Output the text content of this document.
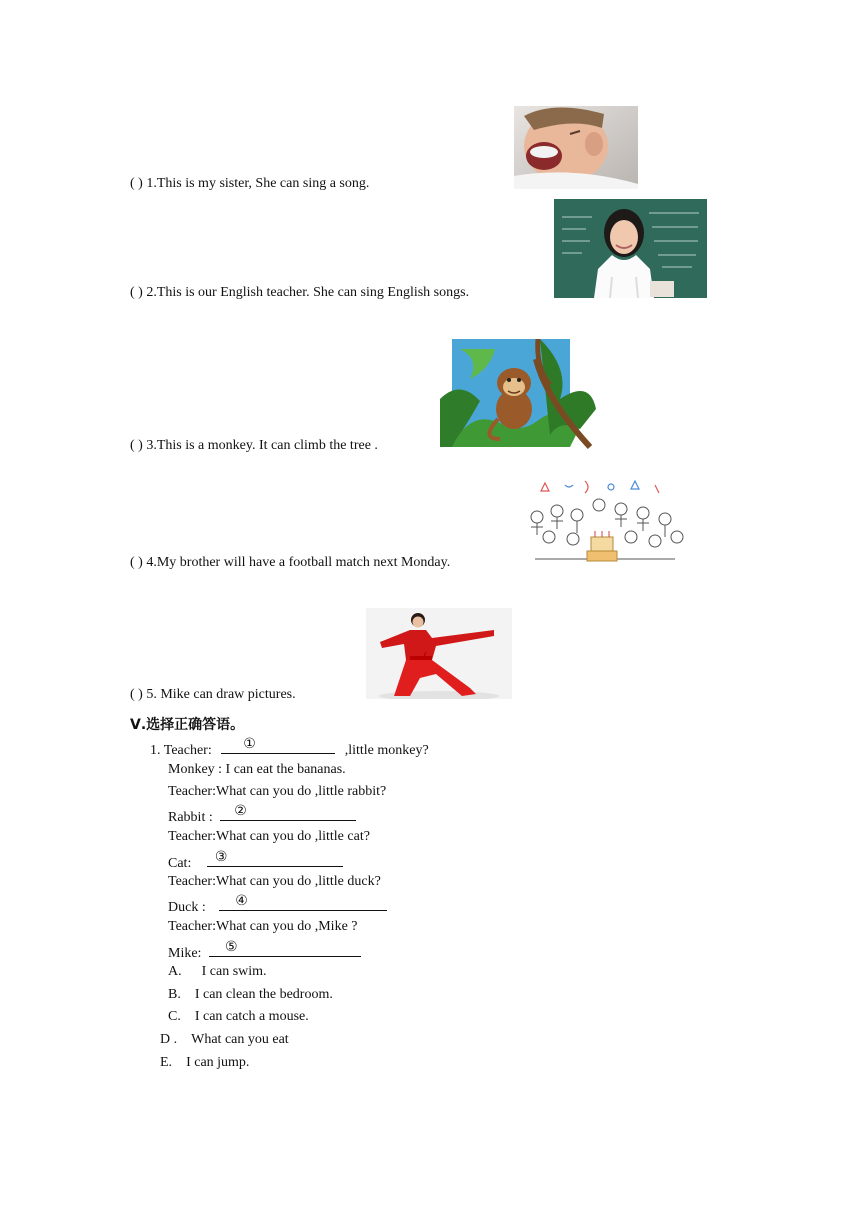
( ) 1.This is my sister, She can sing a song.
( ) 2.This is our English teacher. She can sing English songs.
( ) 3.This is a monkey. It can climb the tree .
( ) 4.My brother will have a football match next Monday.
( ) 5. Mike can draw pictures.
Ⅴ.选择正确答语。
1. Teacher: ①	,little monkey?
Monkey : I can eat the bananas.
Teacher:What can you do ,little rabbit?
Rabbit : ②
Teacher:What can you do ,little cat?
Cat: ③
Teacher:What can you do ,little duck?
Duck : ④
Teacher:What can you do ,Mike ?
Mike: ⑤
A. I can swim.
B. I can clean the bedroom.
C. I can catch a mouse.
D . What can you eat
E. I can jump.
